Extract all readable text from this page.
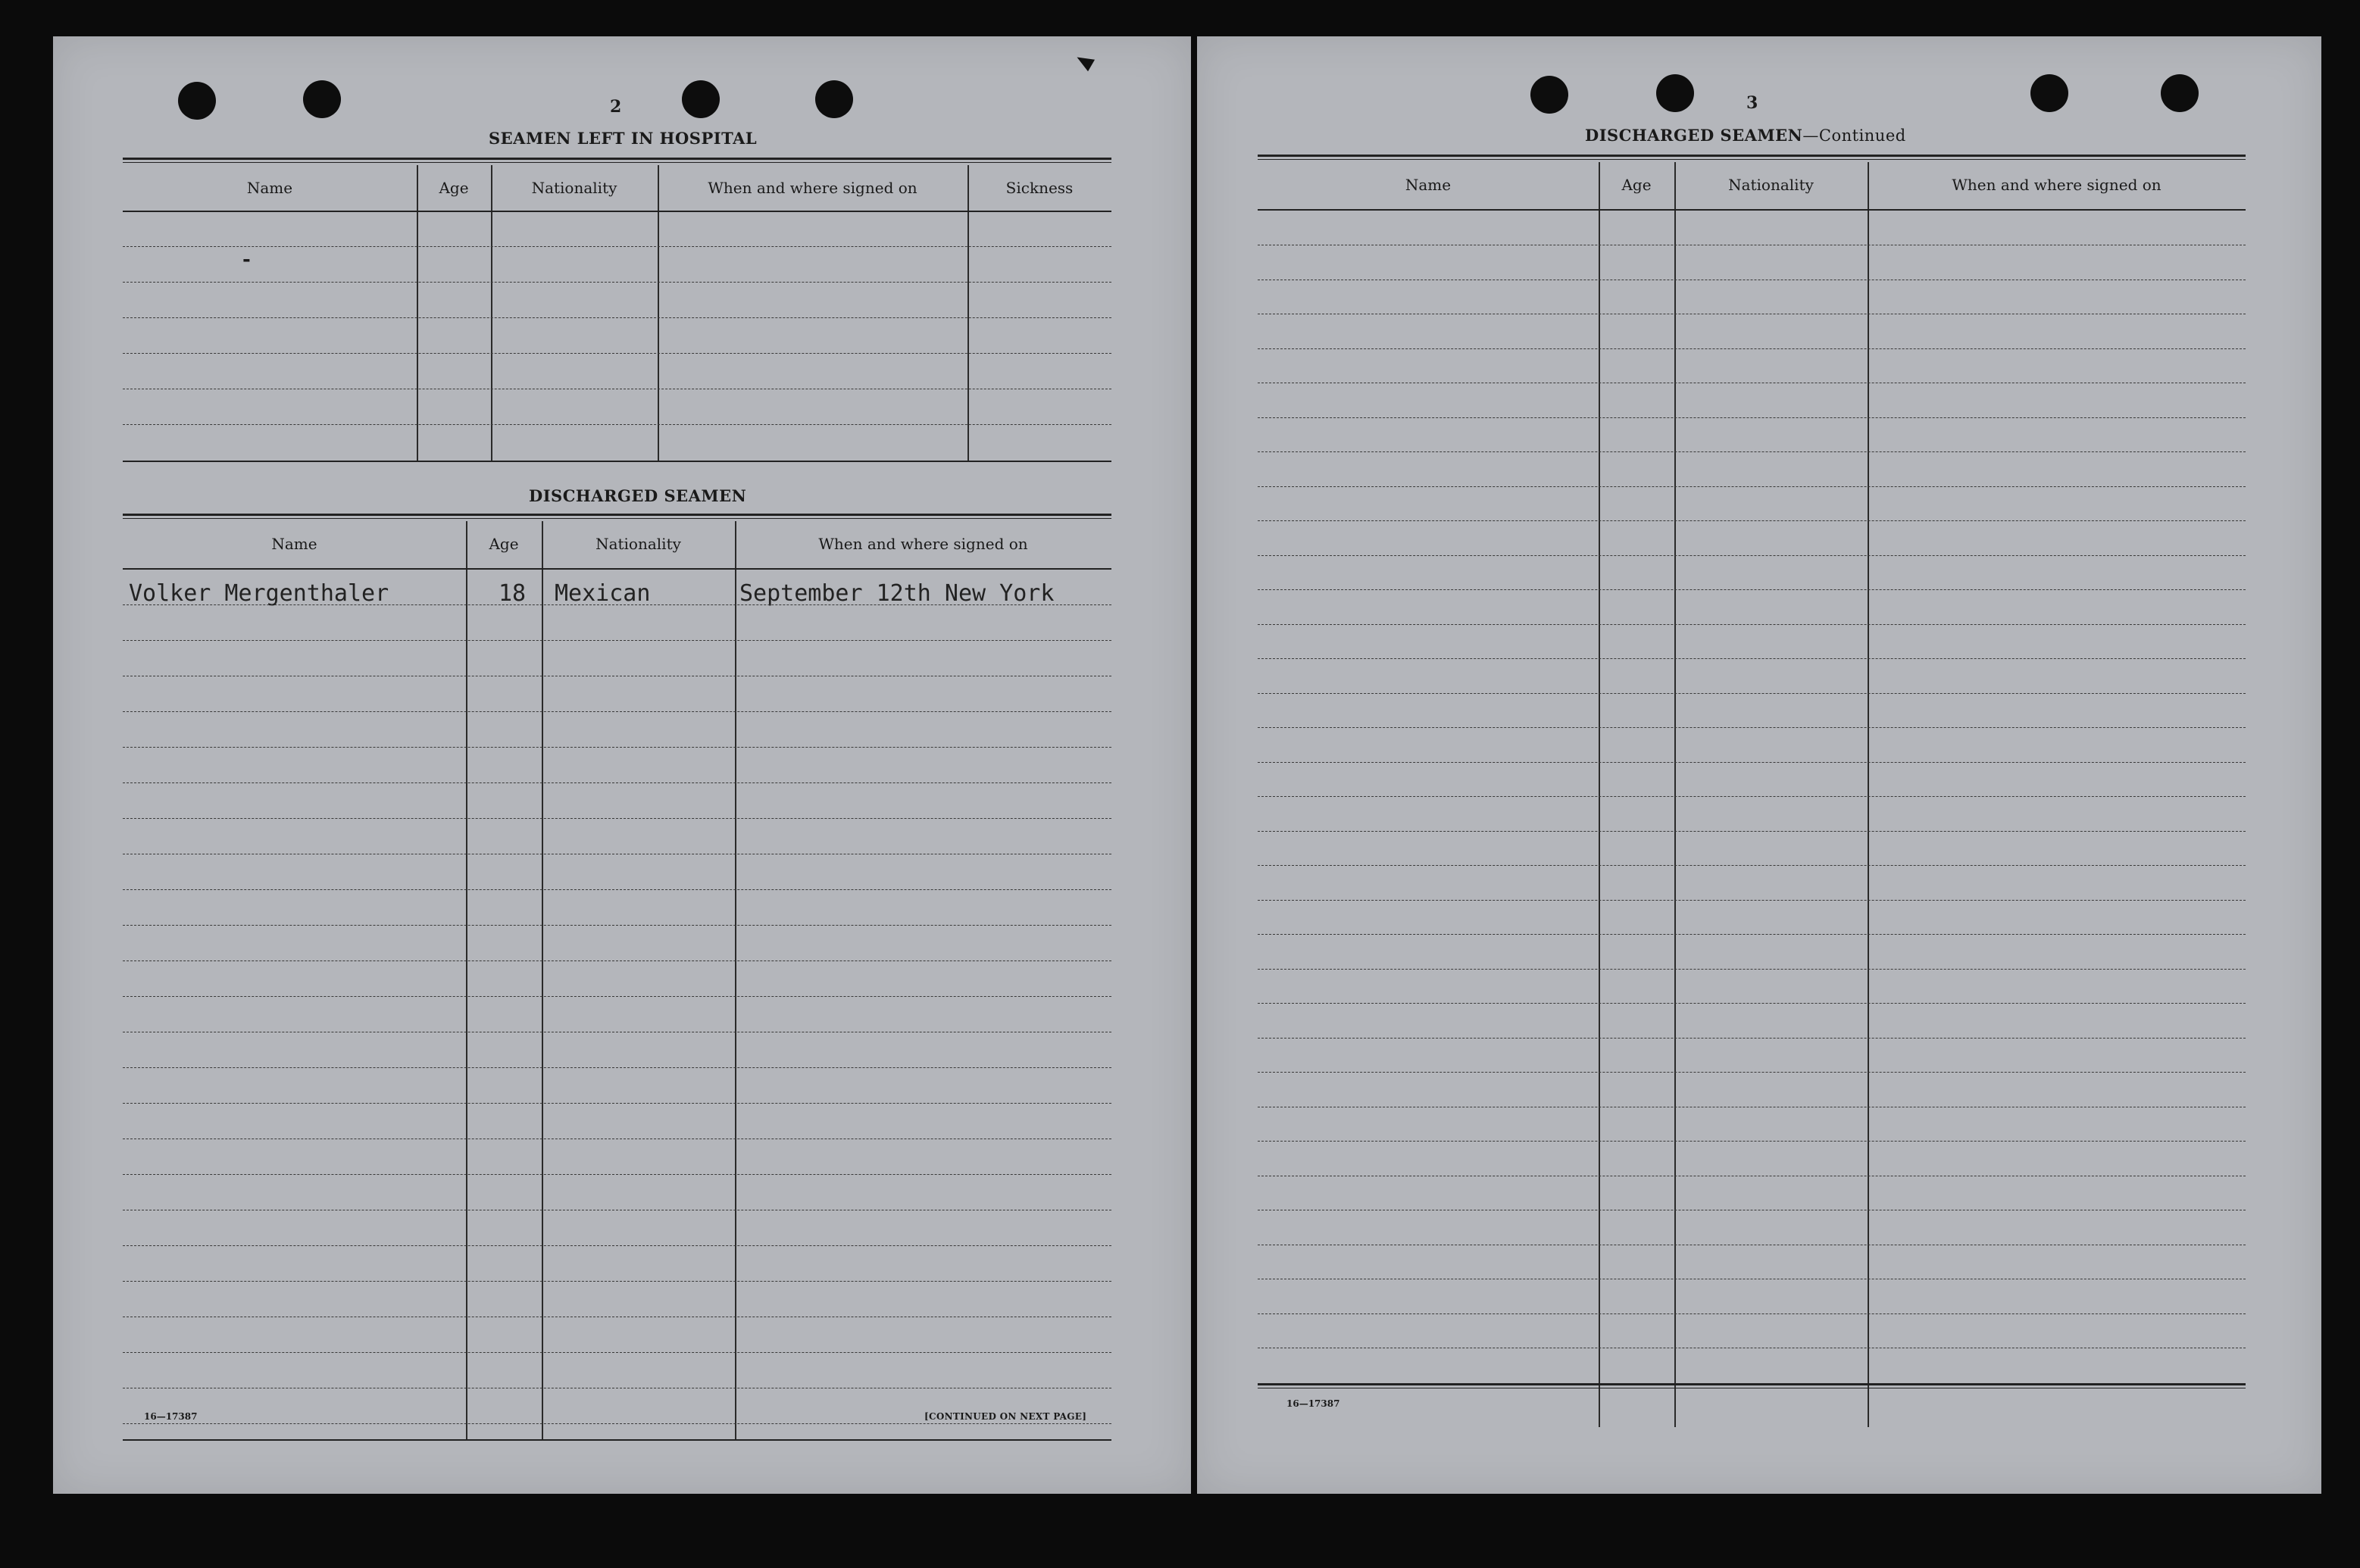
2
SEAMEN LEFT IN HOSPITAL
Name	Age	Nationality	When and where signed on	Sickness
-
DISCHARGED SEAMEN
Name	Age	Nationality	When and where signed on
Volker Mergenthaler	18 Mexican	September 12th New York
16—17387	[CONTINUED ON NEXT PAGE]
3
DISCHARGED SEAMEN—Continued
Name	Age	Nationality	When and where signed on
16—17387
